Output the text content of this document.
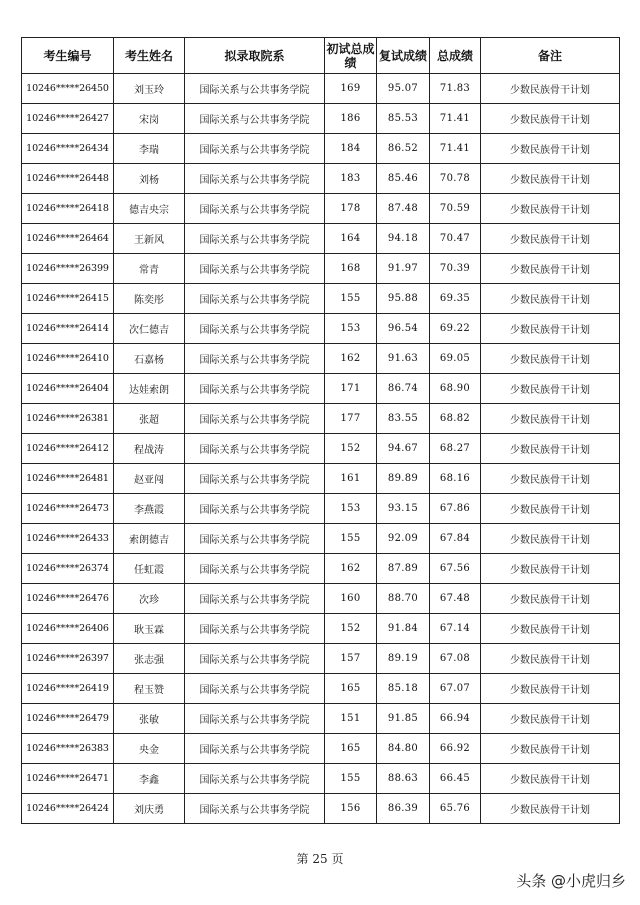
考生编号	考生姓名	拟录取院系	初试总成绩	复试成绩	总成绩	备注
10246*****26450	刘玉玲	国际关系与公共事务学院	169	95.07	71.83	少数民族骨干计划
10246*****26427	宋岗	国际关系与公共事务学院	186	85.53	71.41	少数民族骨干计划
10246*****26434	李瑞	国际关系与公共事务学院	184	86.52	71.41	少数民族骨干计划
10246*****26448	刘杨	国际关系与公共事务学院	183	85.46	70.78	少数民族骨干计划
10246*****26418	德吉央宗	国际关系与公共事务学院	178	87.48	70.59	少数民族骨干计划
10246*****26464	王新风	国际关系与公共事务学院	164	94.18	70.47	少数民族骨干计划
10246*****26399	常青	国际关系与公共事务学院	168	91.97	70.39	少数民族骨干计划
10246*****26415	陈奕彤	国际关系与公共事务学院	155	95.88	69.35	少数民族骨干计划
10246*****26414	次仁德吉	国际关系与公共事务学院	153	96.54	69.22	少数民族骨干计划
10246*****26410	石嘉杨	国际关系与公共事务学院	162	91.63	69.05	少数民族骨干计划
10246*****26404	达娃索朗	国际关系与公共事务学院	171	86.74	68.90	少数民族骨干计划
10246*****26381	张超	国际关系与公共事务学院	177	83.55	68.82	少数民族骨干计划
10246*****26412	程战涛	国际关系与公共事务学院	152	94.67	68.27	少数民族骨干计划
10246*****26481	赵亚闯	国际关系与公共事务学院	161	89.89	68.16	少数民族骨干计划
10246*****26473	李燕霞	国际关系与公共事务学院	153	93.15	67.86	少数民族骨干计划
10246*****26433	索朗德吉	国际关系与公共事务学院	155	92.09	67.84	少数民族骨干计划
10246*****26374	任虹霞	国际关系与公共事务学院	162	87.89	67.56	少数民族骨干计划
10246*****26476	次珍	国际关系与公共事务学院	160	88.70	67.48	少数民族骨干计划
10246*****26406	耿玉霖	国际关系与公共事务学院	152	91.84	67.14	少数民族骨干计划
10246*****26397	张志强	国际关系与公共事务学院	157	89.19	67.08	少数民族骨干计划
10246*****26419	程玉赞	国际关系与公共事务学院	165	85.18	67.07	少数民族骨干计划
10246*****26479	张敏	国际关系与公共事务学院	151	91.85	66.94	少数民族骨干计划
10246*****26383	央金	国际关系与公共事务学院	165	84.80	66.92	少数民族骨干计划
10246*****26471	李鑫	国际关系与公共事务学院	155	88.63	66.45	少数民族骨干计划
10246*****26424	刘庆勇	国际关系与公共事务学院	156	86.39	65.76	少数民族骨干计划
第 25 页
头条 @小虎归乡
